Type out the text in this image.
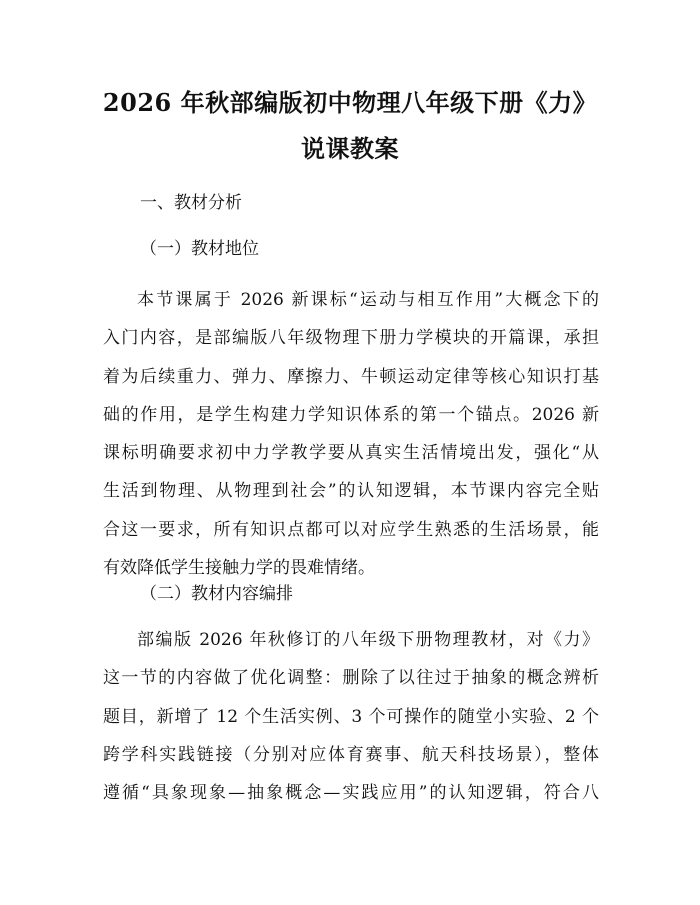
2026 年秋部编版初中物理八年级下册《力》
说课教案

一、教材分析

（一）教材地位

本节课属于 2026 新课标“运动与相互作用”大概念下的
入门内容，是部编版八年级物理下册力学模块的开篇课，承担
着为后续重力、弹力、摩擦力、牛顿运动定律等核心知识打基
础的作用，是学生构建力学知识体系的第一个锚点。2026 新
课标明确要求初中力学教学要从真实生活情境出发，强化“从
生活到物理、从物理到社会”的认知逻辑，本节课内容完全贴
合这一要求，所有知识点都可以对应学生熟悉的生活场景，能
有效降低学生接触力学的畏难情绪。

（二）教材内容编排

部编版 2026 年秋修订的八年级下册物理教材，对《力》
这一节的内容做了优化调整：删除了以往过于抽象的概念辨析
题目，新增了 12 个生活实例、3 个可操作的随堂小实验、2 个
跨学科实践链接（分别对应体育赛事、航天科技场景），整体
遵循“具象现象—抽象概念—实践应用”的认知逻辑，符合八
